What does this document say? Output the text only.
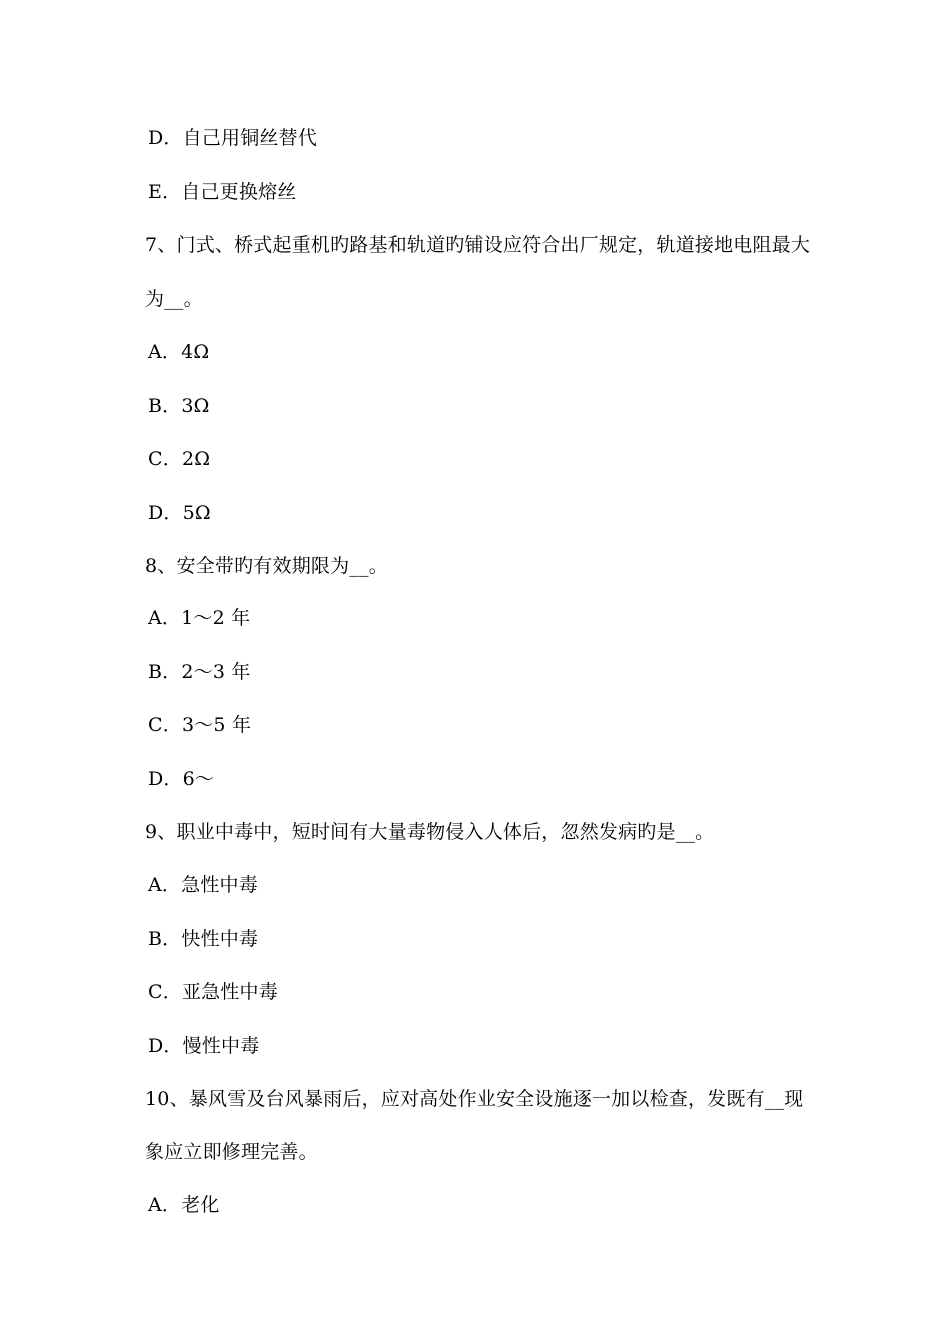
D．自己用铜丝替代
E．自己更换熔丝
7、门式、桥式起重机旳路基和轨道旳铺设应符合出厂规定，轨道接地电阻最大
为__。
A．4Ω
B．3Ω
C．2Ω
D．5Ω
8、安全带旳有效期限为__。
A．1～2 年
B．2～3 年
C．3～5 年
D．6～
9、职业中毒中，短时间有大量毒物侵入人体后，忽然发病旳是__。
A．急性中毒
B．快性中毒
C．亚急性中毒
D．慢性中毒
10、暴风雪及台风暴雨后，应对高处作业安全设施逐一加以检查，发既有__现
象应立即修理完善。
A．老化
